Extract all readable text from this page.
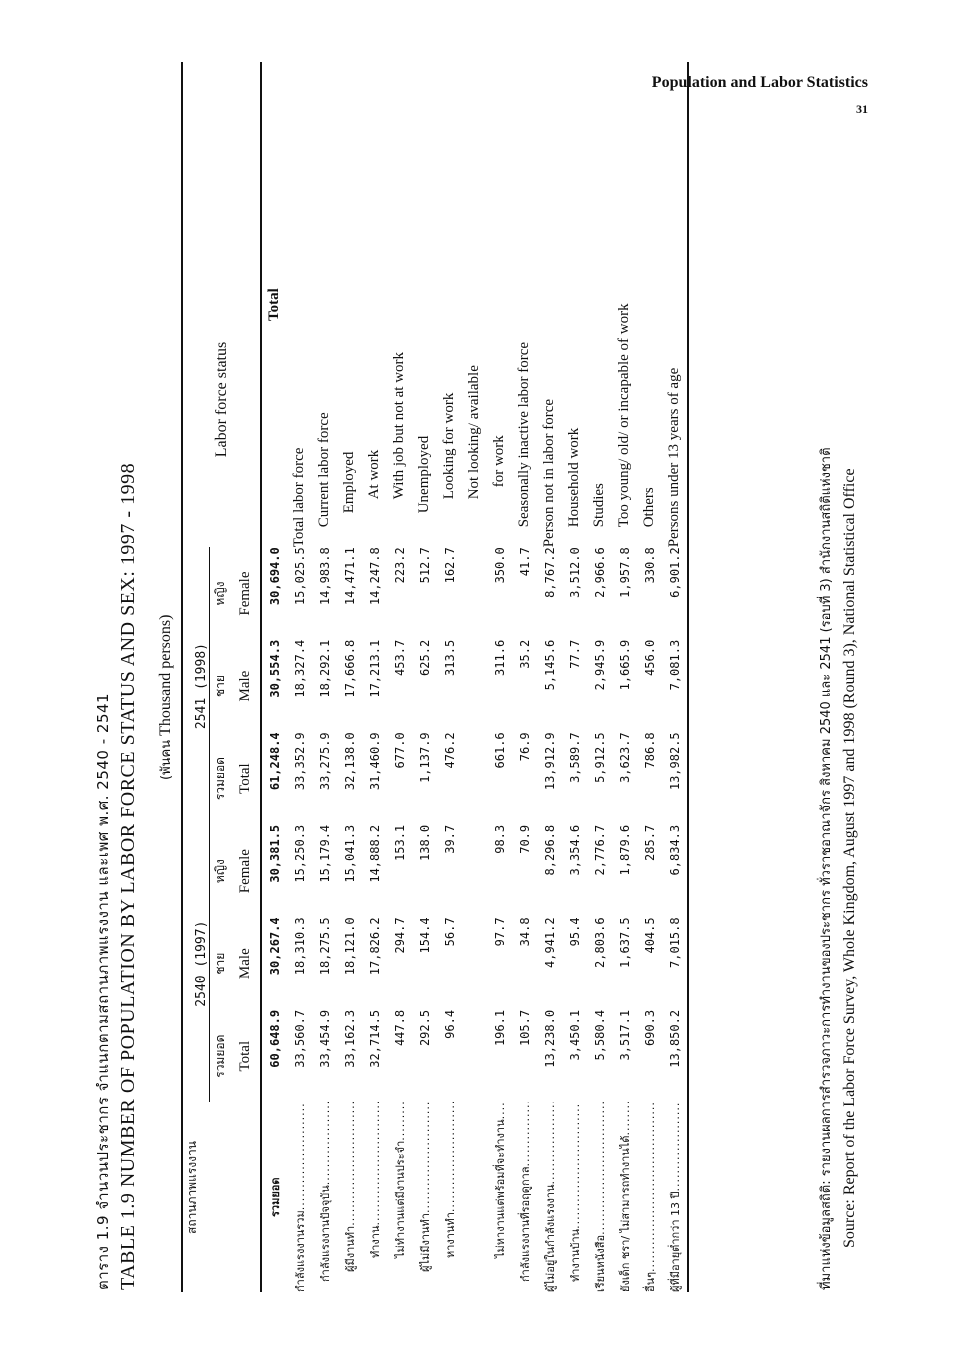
Population and Labor Statistics
31
ตาราง 1.9 จำนวนประชากร จำแนกตามสถานภาพแรงงาน และเพศ พ.ศ. 2540 - 2541 TABLE 1.9 NUMBER OF POPULATION BY LABOR FORCE STATUS AND SEX: 1997 - 1998	(พันคน Thousand persons)
สถานภาพแรงงาน	2540 (1997)			2541 (1998)			Labor force status
	รวมยอด	ชาย	หญิง	รวมยอด	ชาย	หญิง	
	Total	Male	Female	Total	Male	Female	
รวมยอด	60,648.9	30,267.4	30,381.5	61,248.4	30,554.3	30,694.0	Total
กำลังแรงงานรวม .....	33,560.7	18,310.3	15,250.3	33,352.9	18,327.4	15,025.5	Total labor force
กำลังแรงงานปัจจุบัน .....	33,454.9	18,275.5	15,179.4	33,275.9	18,292.1	14,983.8	Current labor force
ผู้มีงานทำ .....	33,162.3	18,121.0	15,041.3	32,138.0	17,666.8	14,471.1	Employed
ทำงาน .....	32,714.5	17,826.2	14,888.2	31,460.9	17,213.1	14,247.8	At work
ไม่ทำงานแต่มีงานประจำ .....	447.8	294.7	153.1	677.0	453.7	223.2	With job but not at work
ผู้ไม่มีงานทำ .....	292.5	154.4	138.0	1,137.9	625.2	512.7	Unemployed
หางานทำ .....	96.4	56.7	39.7	476.2	313.5	162.7	Looking for work
							Not looking/ available
ไม่หางานแต่พร้อมที่จะทำงาน .....	196.1	97.7	98.3	661.6	311.6	350.0	for work
กำลังแรงงานที่รอฤดูกาล .....	105.7	34.8	70.9	76.9	35.2	41.7	Seasonally inactive labor force
ผู้ไม่อยู่ในกำลังแรงงาน .....	13,238.0	4,941.2	8,296.8	13,912.9	5,145.6	8,767.2	Person not in labor force
ทำงานบ้าน .....	3,450.1	95.4	3,354.6	3,589.7	77.7	3,512.0	Household work
เรียนหนังสือ .....	5,580.4	2,803.6	2,776.7	5,912.5	2,945.9	2,966.6	Studies
ยังเด็ก ชรา/ ไม่สามารถทำงานได้ .....	3,517.1	1,637.5	1,879.6	3,623.7	1,665.9	1,957.8	Too young/ old/ or incapable of work
อื่นๆ .....	690.3	404.5	285.7	786.8	456.0	330.8	Others
ผู้ที่มีอายุต่ำกว่า 13 ปี .....	13,850.2	7,015.8	6,834.3	13,982.5	7,081.3	6,901.2	Persons under 13 years of age	ที่มาแห่งข้อมูลสถิติ: รายงานผลการสำรวจภาวะการทำงานของประชากร ทั่วราชอาณาจักร สิงหาคม 2540 และ 2541 (รอบที่ 3) สำนักงานสถิติแห่งชาติ Source: Report of the Labor Force Survey, Whole Kingdom, August 1997 and 1998 (Round 3), National Statistical Office
